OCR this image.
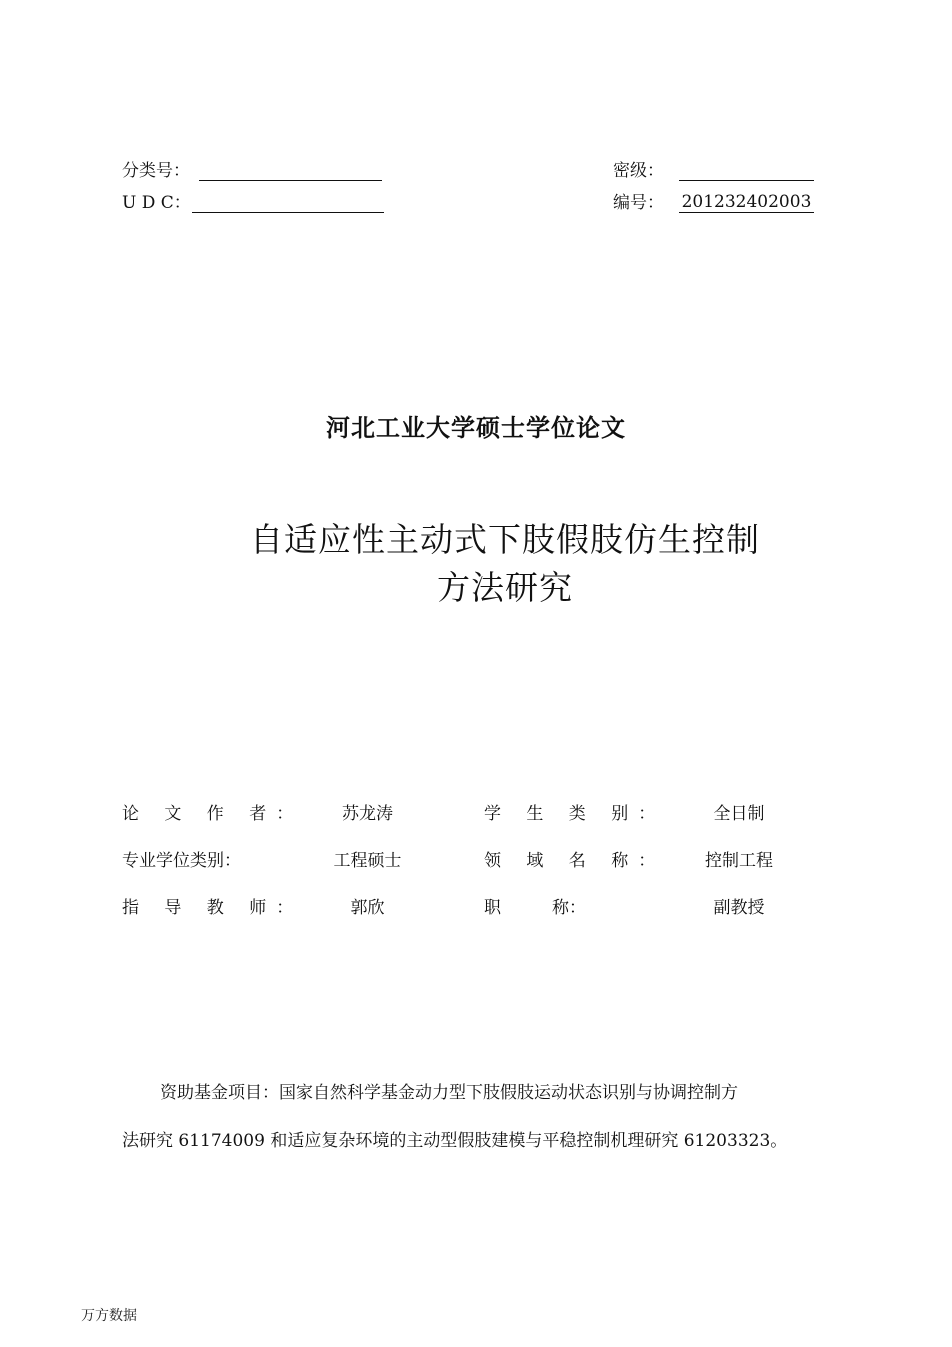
分类号：
U D C：
密级：
编号： 201232402003
河北工业大学硕士学位论文
自适应性主动式下肢假肢仿生控制
方法研究
论 文 作 者：	苏龙涛	学 生 类 别：	全日制
专业学位类别：	工程硕士	领 域 名 称：	控制工程
指 导 教 师：	郭欣	职　　　称：	副教授
资助基金项目：国家自然科学基金动力型下肢假肢运动状态识别与协调控制方
法研究 61174009 和适应复杂环境的主动型假肢建模与平稳控制机理研究 61203323。
万方数据
